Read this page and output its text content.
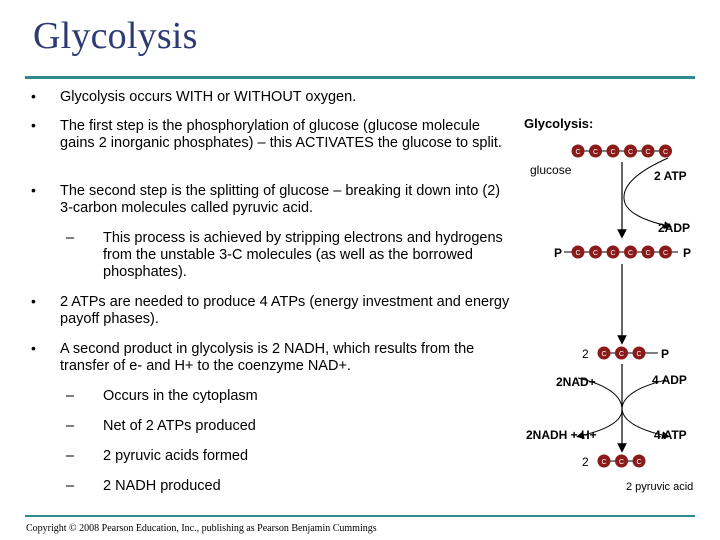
Glycolysis
• Glycolysis occurs WITH or WITHOUT oxygen.
• The first step is the phosphorylation of glucose (glucose molecule gains 2 inorganic phosphates) – this ACTIVATES the glucose to split.
• The second step is the splitting of glucose – breaking it down into (2) 3-carbon molecules called pyruvic acid.
– This process is achieved by stripping electrons and hydrogens from the unstable 3-C molecules (as well as the borrowed phosphates).
• 2 ATPs are needed to produce 4 ATPs (energy investment and energy payoff phases).
• A second product in glycolysis is 2 NADH, which results from the transfer of e- and H+ to the coenzyme NAD+.
– Occurs in the cytoplasm
– Net of 2 ATPs produced
– 2 pyruvic acids formed
– 2 NADH produced
Glycolysis:
C C C C C C
glucose	2 ATP
2ADP
P	P
C C C C C C
2 C C C P
2NAD+
2NADH + H+
4 ADP
4 ATP
2 C C C
2 pyruvic acid
Copyright © 2008 Pearson Education, Inc., publishing as Pearson Benjamin Cummings
